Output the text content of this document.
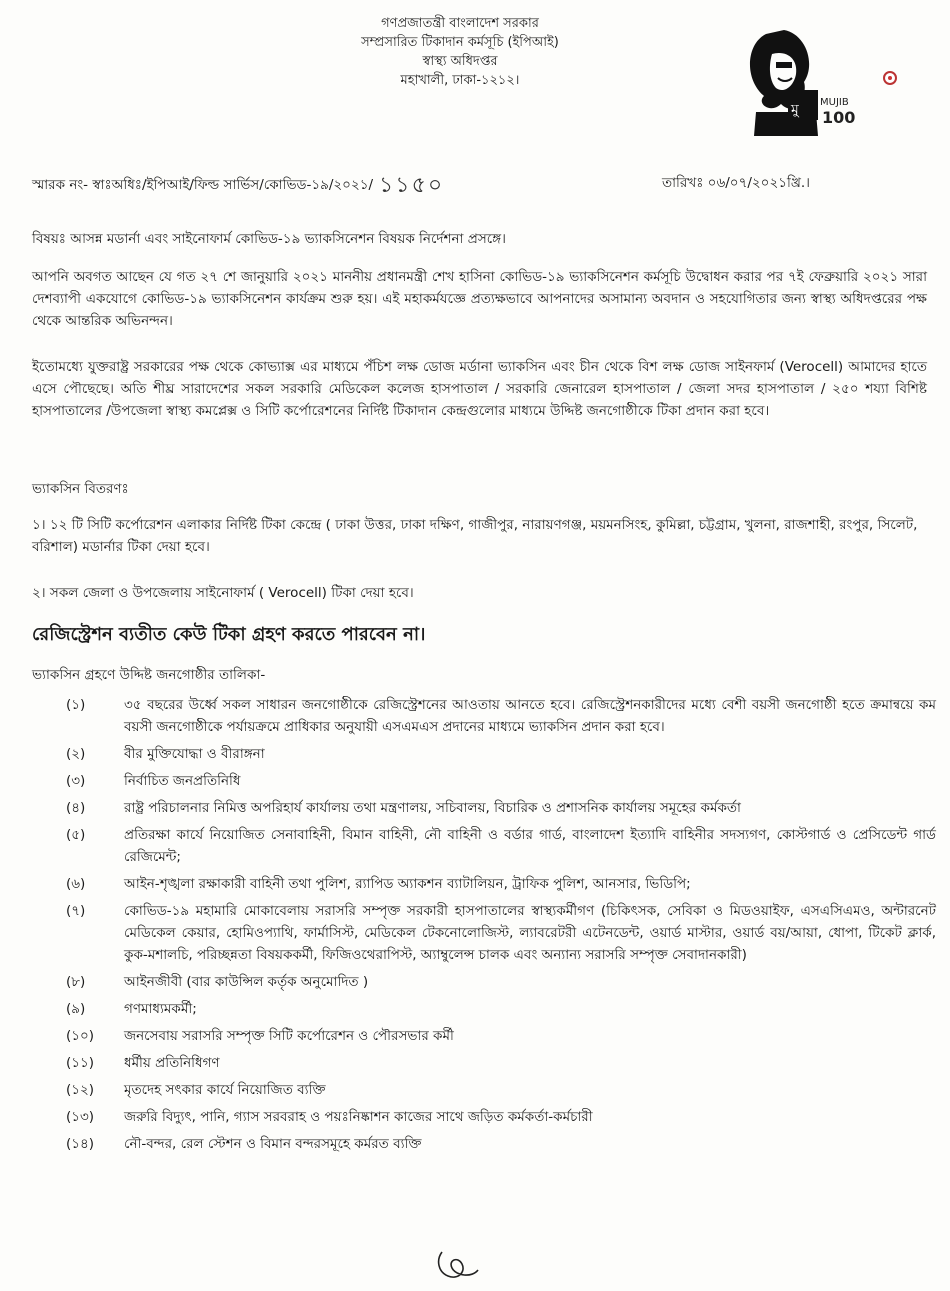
গণপ্রজাতন্ত্রী বাংলাদেশ সরকার
সম্প্রসারিত টিকাদান কর্মসূচি (ইপিআই)
স্বাস্থ্য অধিদপ্তর
মহাখালী, ঢাকা-১২১২।
মু MUJIB
100
স্মারক নং- স্বাঃঅধিঃ/ইপিআই/ফিল্ড সার্ভিস/কোভিড-১৯/২০২১/ ১১৫০	তারিখঃ ০৬/০৭/২০২১খ্রি.।
বিষয়ঃ আসন্ন মডার্না এবং সাইনোফার্ম কোভিড-১৯ ভ্যাকসিনেশন বিষয়ক নির্দেশনা প্রসঙ্গে।
আপনি অবগত আছেন যে গত ২৭ শে জানুয়ারি ২০২১ মাননীয় প্রধানমন্ত্রী শেখ হাসিনা কোভিড-১৯ ভ্যাকসিনেশন কর্মসূচি উদ্বোধন করার পর ৭ই ফেব্রুয়ারি ২০২১ সারা দেশব্যাপী একযোগে কোভিড-১৯ ভ্যাকসিনেশন কার্যক্রম শুরু হয়। এই মহাকর্মযজ্ঞে প্রত্যক্ষভাবে আপনাদের অসামান্য অবদান ও সহযোগিতার জন্য স্বাস্থ্য অধিদপ্তরের পক্ষ থেকে আন্তরিক অভিনন্দন।
ইতোমধ্যে যুক্তরাষ্ট্র সরকারের পক্ষ থেকে কোভ্যাক্স এর মাধ্যমে পঁচিশ লক্ষ ডোজ মর্ডানা ভ্যাকসিন এবং চীন থেকে বিশ লক্ষ ডোজ সাইনফার্ম (Verocell) আমাদের হাতে এসে পৌছেছে। অতি শীঘ্র সারাদেশের সকল সরকারি মেডিকেল কলেজ হাসপাতাল / সরকারি জেনারেল হাসপাতাল / জেলা সদর হাসপাতাল / ২৫০ শয্যা বিশিষ্ট হাসপাতালের /উপজেলা স্বাস্থ্য কমপ্লেক্স ও সিটি কর্পোরেশনের নির্দিষ্ট টিকাদান কেন্দ্রগুলোর মাধ্যমে উদ্দিষ্ট জনগোষ্ঠীকে টিকা প্রদান করা হবে।
ভ্যাকসিন বিতরণঃ
১। ১২ টি সিটি কর্পোরেশন এলাকার নির্দিষ্ট টিকা কেন্দ্রে ( ঢাকা উত্তর, ঢাকা দক্ষিণ, গাজীপুর, নারায়ণগঞ্জ, ময়মনসিংহ, কুমিল্লা, চট্টগ্রাম, খুলনা, রাজশাহী, রংপুর, সিলেট, বরিশাল) মডার্নার টিকা দেয়া হবে।
২। সকল জেলা ও উপজেলায় সাইনোফার্ম ( Verocell) টিকা দেয়া হবে।
রেজিস্ট্রেশন ব্যতীত কেউ টিকা গ্রহণ করতে পারবেন না।
ভ্যাকসিন গ্রহণে উদ্দিষ্ট জনগোষ্ঠীর তালিকা-
(১)	৩৫ বছরের উর্ধ্বে সকল সাধারন জনগোষ্ঠীকে রেজিস্ট্রেশনের আওতায় আনতে হবে। রেজিস্ট্রেশনকারীদের মধ্যে বেশী বয়সী জনগোষ্ঠী হতে ক্রমান্বয়ে কম বয়সী জনগোষ্ঠীকে পর্যায়ক্রমে প্রাধিকার অনুযায়ী এসএমএস প্রদানের মাধ্যমে ভ্যাকসিন প্রদান করা হবে।
(২)	বীর মুক্তিযোদ্ধা ও বীরাঙ্গনা
(৩)	নির্বাচিত জনপ্রতিনিধি
(৪)	রাষ্ট্র পরিচালনার নিমিত্ত অপরিহার্য কার্যালয় তথা মন্ত্রণালয়, সচিবালয়, বিচারিক ও প্রশাসনিক কার্যালয় সমূহের কর্মকর্তা
(৫)	প্রতিরক্ষা কার্যে নিয়োজিত সেনাবাহিনী, বিমান বাহিনী, নৌ বাহিনী ও বর্ডার গার্ড, বাংলাদেশ ইত্যাদি বাহিনীর সদস্যগণ, কোস্টগার্ড ও প্রেসিডেন্ট গার্ড রেজিমেন্ট;
(৬)	আইন-শৃঙ্খলা রক্ষাকারী বাহিনী তথা পুলিশ, র‍্যাপিড অ্যাকশন ব্যাটালিয়ন, ট্রাফিক পুলিশ, আনসার, ভিডিপি;
(৭)	কোভিড-১৯ মহামারি মোকাবেলায় সরাসরি সম্পৃক্ত সরকারী হাসপাতালের স্বাস্থ্যকর্মীগণ (চিকিৎসক, সেবিকা ও মিডওয়াইফ, এসএসিএমও, অন্টারনেট মেডিকেল কেয়ার, হোমিওপ্যাথি, ফার্মাসিস্ট, মেডিকেল টেকনোলোজিস্ট, ল্যাবরেটরী এটেনডেন্ট, ওয়ার্ড মাস্টার, ওয়ার্ড বয়/আয়া, ধোপা, টিকেট ক্লার্ক, কুক-মশালচি, পরিচ্ছন্নতা বিষয়ককর্মী, ফিজিওথেরাপিস্ট, অ্যাম্বুলেন্স চালক এবং অন্যান্য সরাসরি সম্পৃক্ত সেবাদানকারী)
(৮)	আইনজীবী (বার কাউন্সিল কর্তৃক অনুমোদিত )
(৯)	গণমাধ্যমকর্মী;
(১০)	জনসেবায় সরাসরি সম্পৃক্ত সিটি কর্পোরেশন ও পৌরসভার কর্মী
(১১)	ধর্মীয় প্রতিনিধিগণ
(১২)	মৃতদেহ সৎকার কার্যে নিয়োজিত ব্যক্তি
(১৩)	জরুরি বিদ্যুৎ, পানি, গ্যাস সরবরাহ ও পয়ঃনিষ্কাশন কাজের সাথে জড়িত কর্মকর্তা-কর্মচারী
(১৪)	নৌ-বন্দর, রেল স্টেশন ও বিমান বন্দরসমূহে কর্মরত ব্যক্তি
